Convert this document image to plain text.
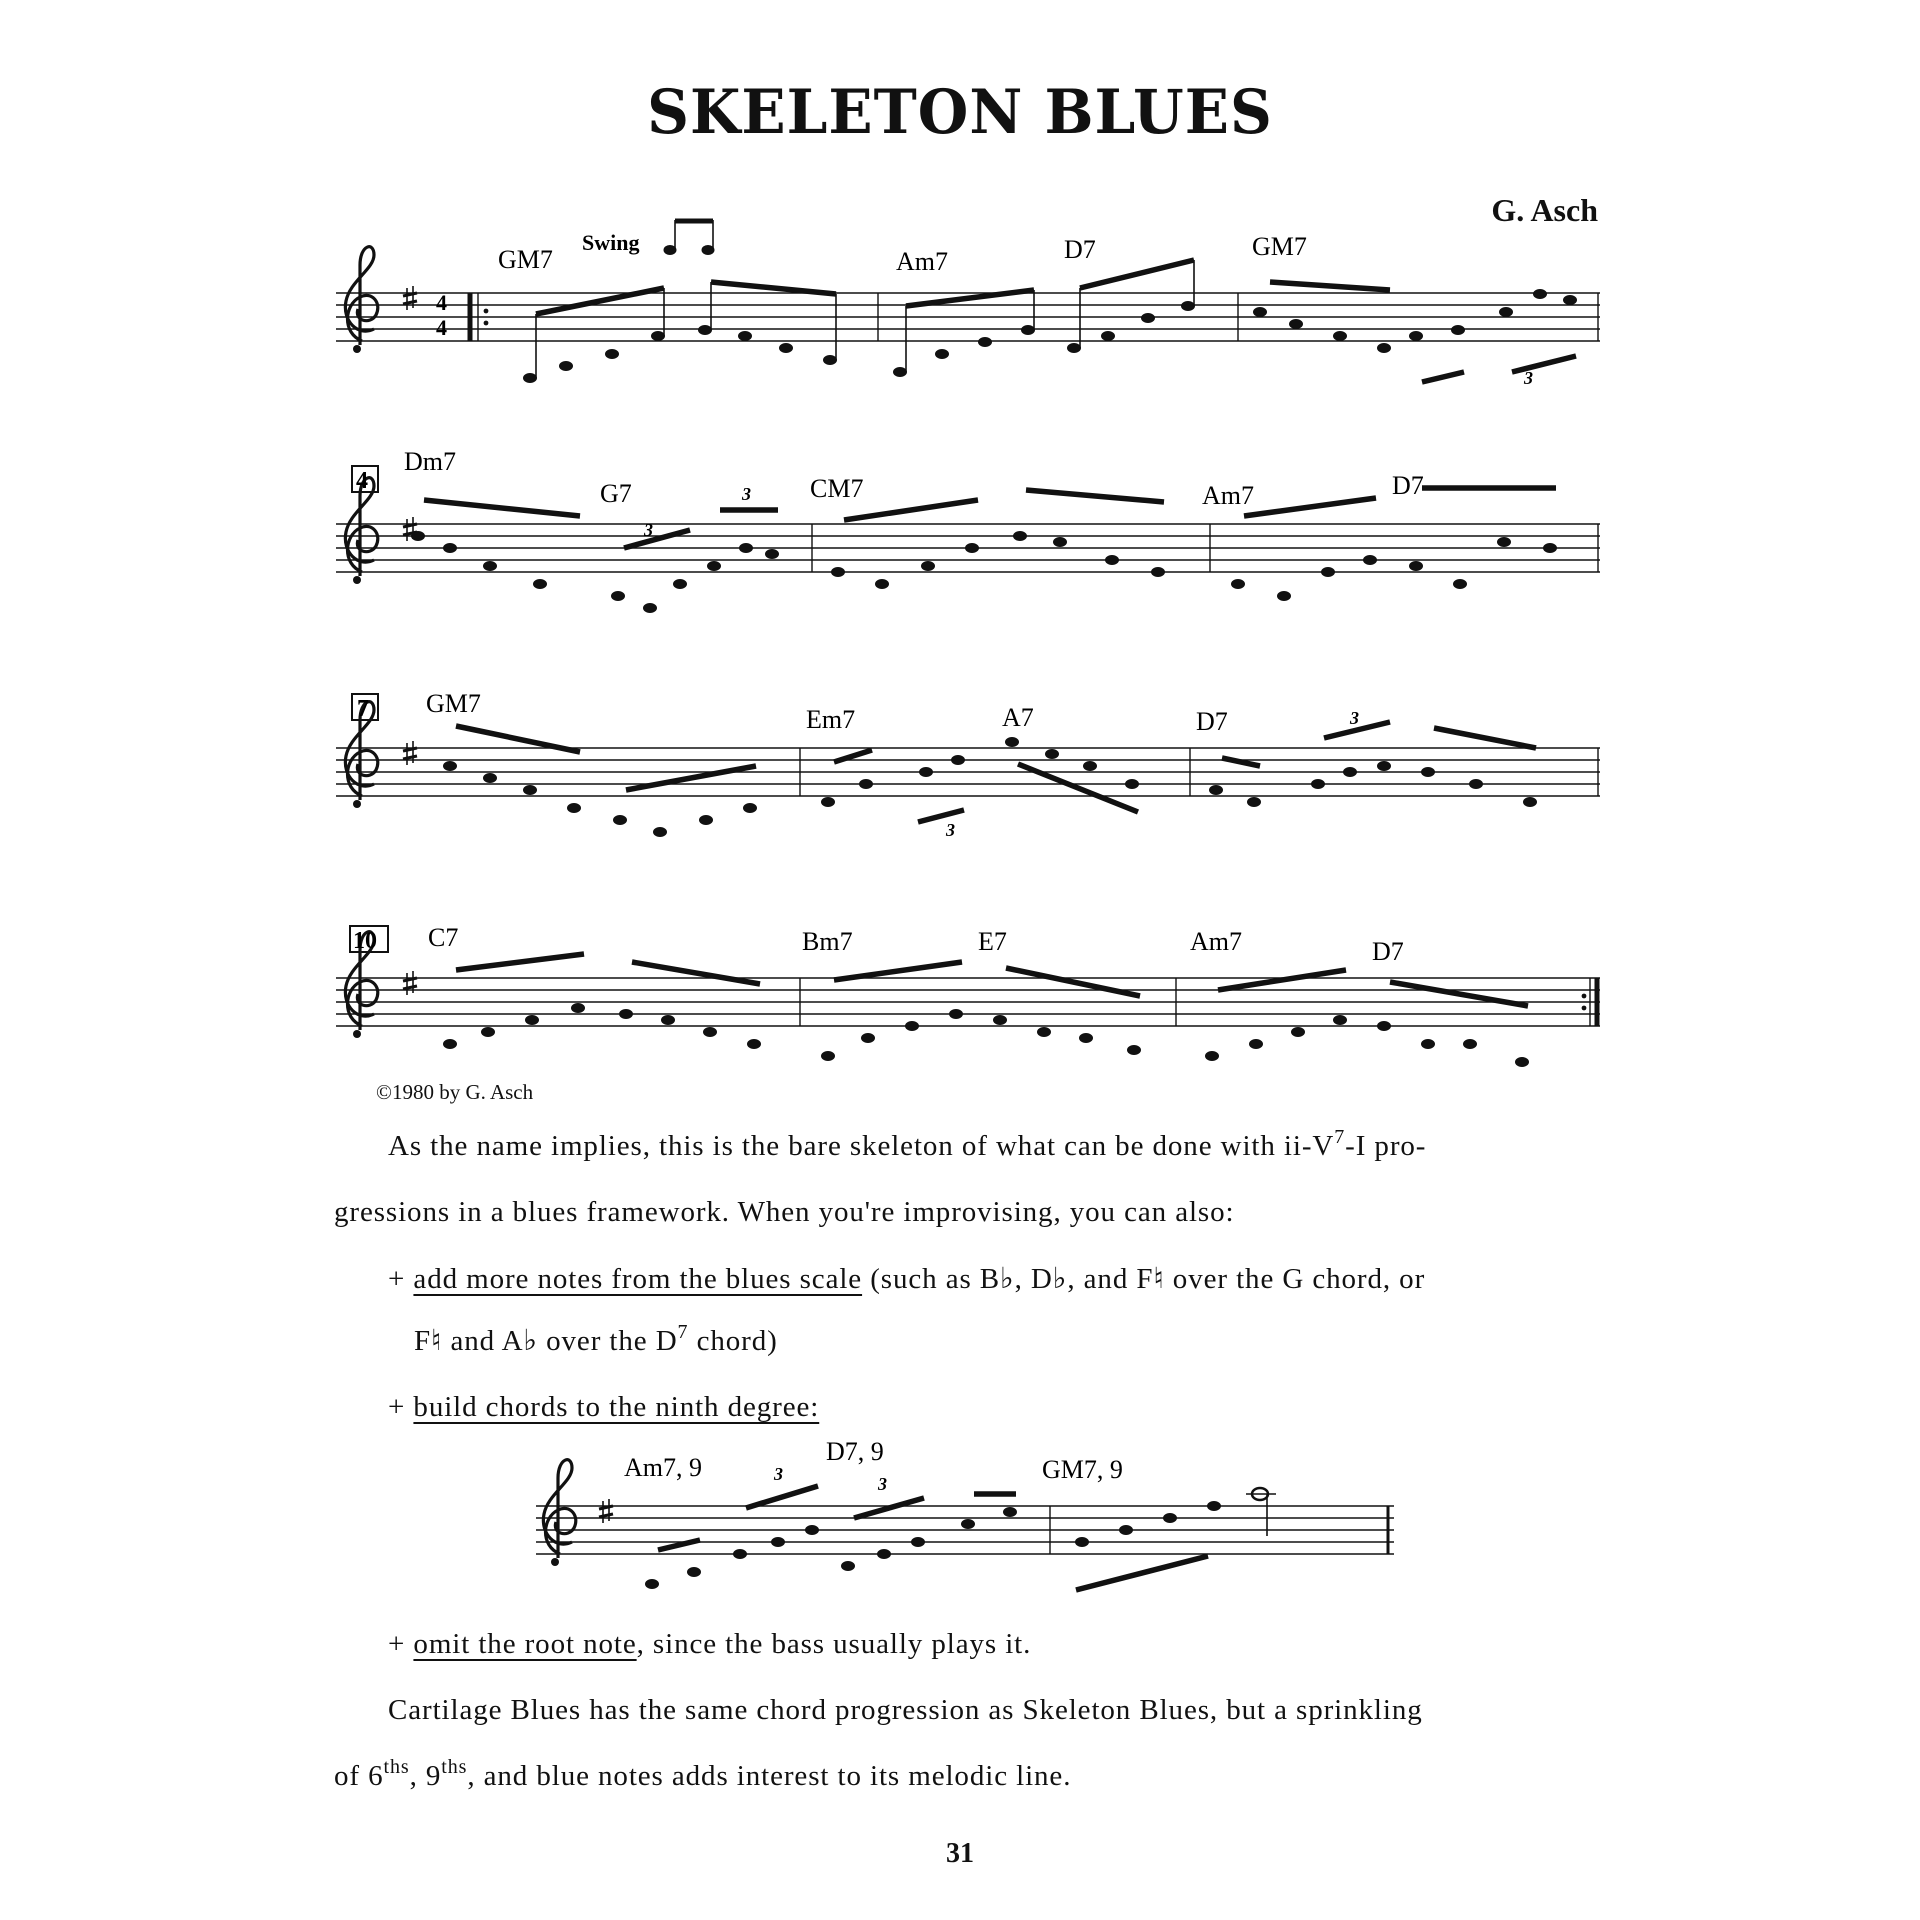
SKELETON BLUES
G. Asch
4
4
3
GM7	Am7	D7	GM7
Swing
4
3
3
Dm7
G7	CM7	Am7	D7
7
3
3
GM7
Em7	A7	D7
10 C7	Bm7	E7	Am7	D7
3	3
Am7, 9
D7, 9
GM7, 9
©1980 by G. Asch
As the name implies, this is the bare skeleton of what can be done with $ii-V^7-I$ pro-
gressions in a blues framework. When you're improvising, you can also:
+ add more notes from the blues scale (such as B♭, D♭, and F♮ over the G chord, or
F♮ and A♭ over the $D^7$ chord)
+ build chords to the ninth degree:
+ omit the root note, since the bass usually plays it.
Cartilage Blues has the same chord progression as Skeleton Blues, but a sprinkling
of $6^{ths}$, $9^{ths}$, and blue notes adds interest to its melodic line.
31
